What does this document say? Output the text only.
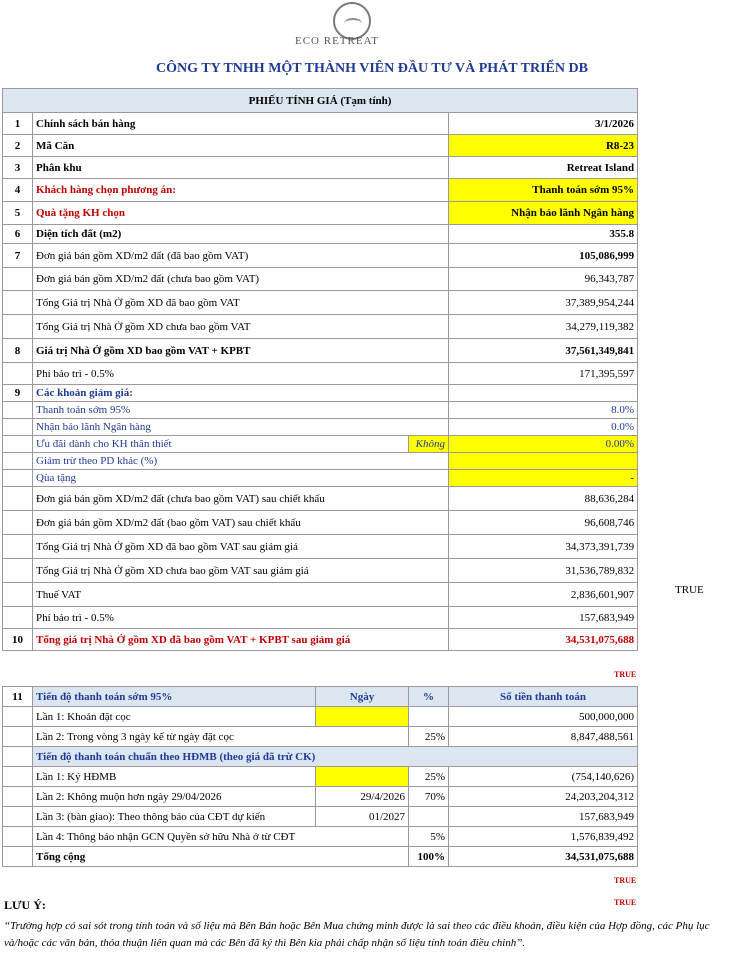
ECO RETREAT
CÔNG TY TNHH MỘT THÀNH VIÊN ĐẦU TƯ VÀ PHÁT TRIỂN DB
PHIẾU TÍNH GIÁ (Tạm tính)			
1	Chính sách bán hàng		3/1/2026
2	Mã Căn		R8-23
3	Phân khu		Retreat Island
4	Khách hàng chọn phương án:		Thanh toán sớm 95%
5	Quà tặng KH chọn		Nhận bảo lãnh Ngân hàng
6	Diện tích đất (m2)		355.8
7	Đơn giá bán gồm XD/m2 đất (đã bao gồm VAT)		105,086,999
	Đơn giá bán gồm XD/m2 đất (chưa bao gồm VAT)		96,343,787
	Tổng Giá trị Nhà Ở gồm XD đã bao gồm VAT		37,389,954,244
	Tổng Giá trị Nhà Ở gồm XD chưa bao gồm VAT		34,279,119,382
8	Giá trị Nhà Ở gồm XD bao gồm VAT + KPBT		37,561,349,841
	Phí bảo trì - 0.5%		171,395,597
9	Các khoản giảm giá:		
	Thanh toán sớm 95%		8.0%
	Nhận bảo lãnh Ngân hàng		0.0%
	Ưu đãi dành cho KH thân thiết	Không	0.00%
	Giảm trừ theo PD khác (%)		
	Qùa tặng		-
	Đơn giá bán gồm XD/m2 đất (chưa bao gồm VAT) sau chiết khấu		88,636,284
	Đơn giá bán gồm XD/m2 đất (bao gồm VAT) sau chiết khấu		96,608,746
	Tổng Giá trị Nhà Ở gồm XD đã bao gồm VAT sau giảm giá		34,373,391,739
	Tổng Giá trị Nhà Ở gồm XD chưa bao gồm VAT sau giảm giá		31,536,789,832
	Thuế VAT		2,836,601,907
	Phí bảo trì - 0.5%		157,683,949
10	Tổng giá trị Nhà Ở gồm XD đã bao gồm VAT + KPBT sau giảm giá		34,531,075,688
TRUE
TRUE
11	Tiến độ thanh toán sớm 95%	Ngày	%	Số tiền thanh toán
	Lần 1: Khoản đặt cọc			500,000,000
	Lần 2: Trong vòng 3 ngày kể từ ngày đặt cọc		25%	8,847,488,561
	Tiến độ thanh toán chuẩn theo HĐMB (theo giá đã trừ CK)			
	Lần 1: Ký HĐMB		25%	(754,140,626)
	Lần 2: Không muộn hơn ngày 29/04/2026	29/4/2026	70%	24,203,204,312
	Lần 3: (bàn giao): Theo thông báo của CĐT dự kiến	01/2027		157,683,949
	Lần 4: Thông báo nhận GCN Quyền sở hữu Nhà ở từ CĐT		5%	1,576,839,492
	Tổng cộng		100%	34,531,075,688
TRUE
TRUE
LƯU Ý:
“Trường hợp có sai sót trong tính toán và số liệu mà Bên Bán hoặc Bên Mua chứng minh được là sai theo các điều khoản, điều kiện của Hợp đồng, các Phụ lục và/hoặc các văn bản, thỏa thuận liên quan mà các Bên đã ký thì Bên kia phải chấp nhận số liệu tính toán điều chỉnh”.
